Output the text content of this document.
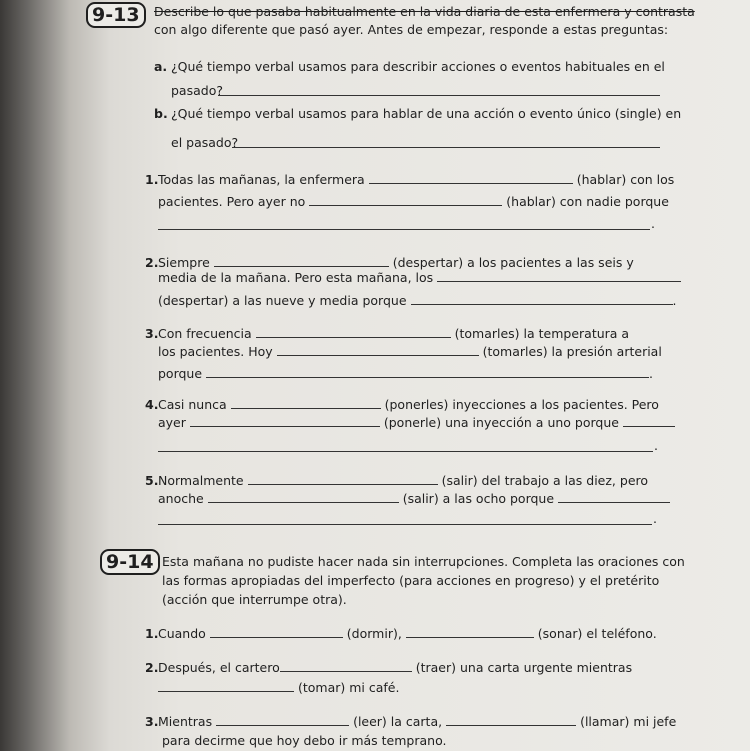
9-13	Describe lo que pasaba habitualmente en la vida diaria de esta enfermera y contrasta
con algo diferente que pasó ayer. Antes de empezar, responde a estas preguntas:
a. ¿Qué tiempo verbal usamos para describir acciones o eventos habituales en el
pasado?
b. ¿Qué tiempo verbal usamos para hablar de una acción o evento único (single) en
el pasado?
1. Todas las mañanas, la enfermera	(hablar) con los
pacientes. Pero ayer no	(hablar) con nadie porque
.
2. Siempre	(despertar) a los pacientes a las seis y
media de la mañana. Pero esta mañana, los
(despertar) a las nueve y media porque	.
3. Con frecuencia	(tomarles) la temperatura a
los pacientes. Hoy	(tomarles) la presión arterial
porque	.
4. Casi nunca	(ponerles) inyecciones a los pacientes. Pero
ayer	(ponerle) una inyección a uno porque
.
5. Normalmente	(salir) del trabajo a las diez, pero
anoche	(salir) a las ocho porque
.
9-14 Esta mañana no pudiste hacer nada sin interrupciones. Completa las oraciones con
las formas apropiadas del imperfecto (para acciones en progreso) y el pretérito
(acción que interrumpe otra).
1. Cuando	(dormir),	(sonar) el teléfono.
2. Después, el cartero	(traer) una carta urgente mientras
(tomar) mi café.
3. Mientras	(leer) la carta,	(llamar) mi jefe
para decirme que hoy debo ir más temprano.
